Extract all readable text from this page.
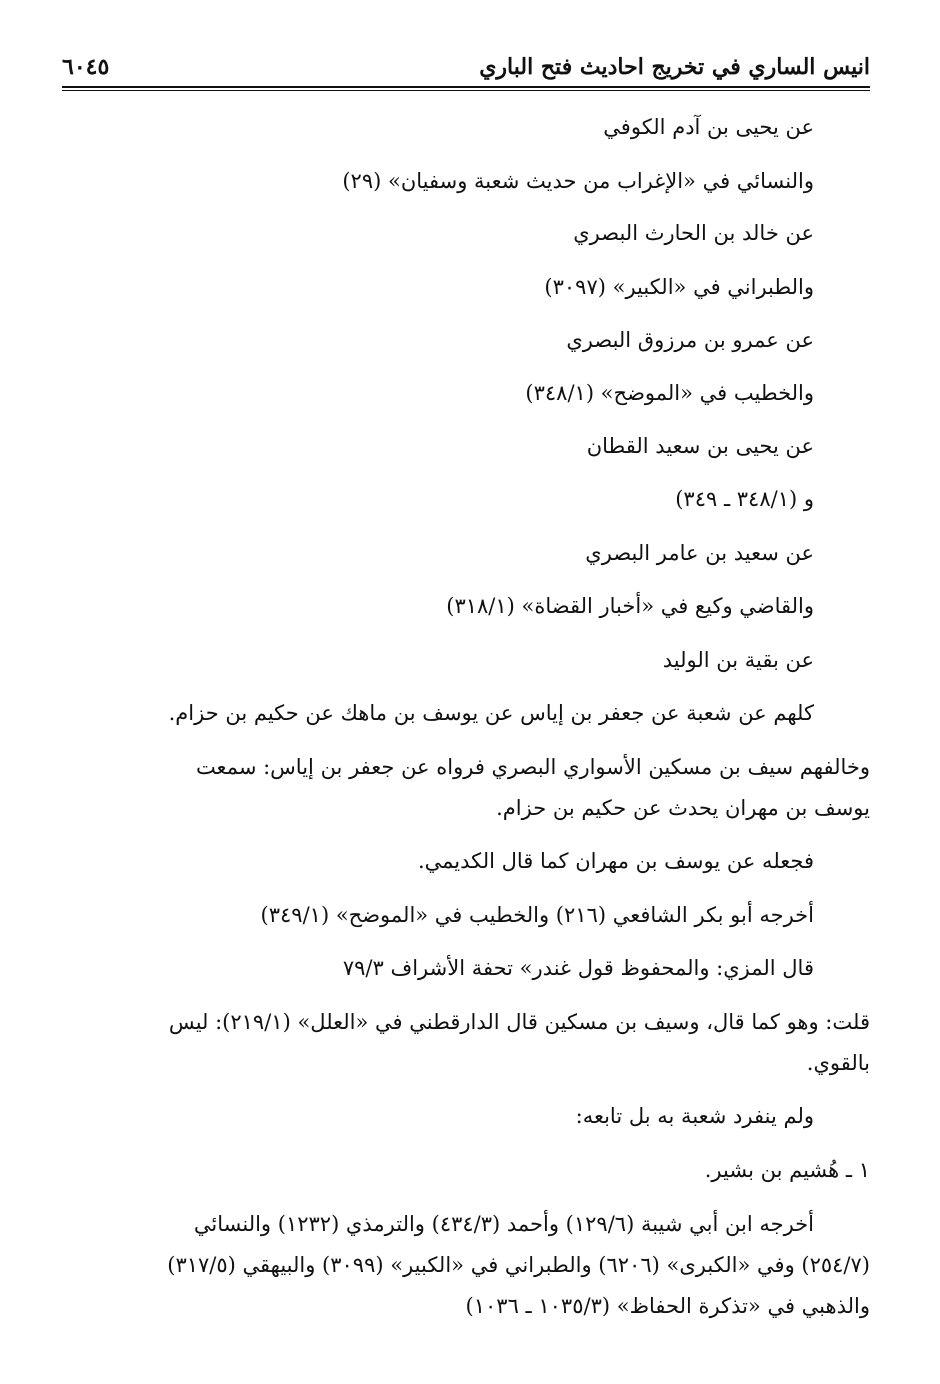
انيس الساري في تخريج احاديث فتح الباري
٦٠٤٥
عن يحيى بن آدم الكوفي
والنسائي في «الإغراب من حديث شعبة وسفيان» (٢٩)
عن خالد بن الحارث البصري
والطبراني في «الكبير» (٣٠٩٧)
عن عمرو بن مرزوق البصري
والخطيب في «الموضح» (٣٤٨/١)
عن يحيى بن سعيد القطان
و (٣٤٨/١ ـ ٣٤٩)
عن سعيد بن عامر البصري
والقاضي وكيع في «أخبار القضاة» (٣١٨/١)
عن بقية بن الوليد
كلهم عن شعبة عن جعفر بن إياس عن يوسف بن ماهك عن حكيم بن حزام.
وخالفهم سيف بن مسكين الأسواري البصري فرواه عن جعفر بن إياس: سمعت
يوسف بن مهران يحدث عن حكيم بن حزام.
فجعله عن يوسف بن مهران كما قال الكديمي.
أخرجه أبو بكر الشافعي (٢١٦) والخطيب في «الموضح» (٣٤٩/١)
قال المزي: والمحفوظ قول غندر» تحفة الأشراف ٧٩/٣
قلت: وهو كما قال، وسيف بن مسكين قال الدارقطني في «العلل» (٢١٩/١): ليس
بالقوي.
ولم ينفرد شعبة به بل تابعه:
١ ـ هُشيم بن بشير.
أخرجه ابن أبي شيبة (١٢٩/٦) وأحمد (٤٣٤/٣) والترمذي (١٢٣٢) والنسائي
(٢٥٤/٧) وفي «الكبرى» (٦٢٠٦) والطبراني في «الكبير» (٣٠٩٩) والبيهقي (٣١٧/٥)
والذهبي في «تذكرة الحفاظ» (١٠٣٥/٣ ـ ١٠٣٦)
